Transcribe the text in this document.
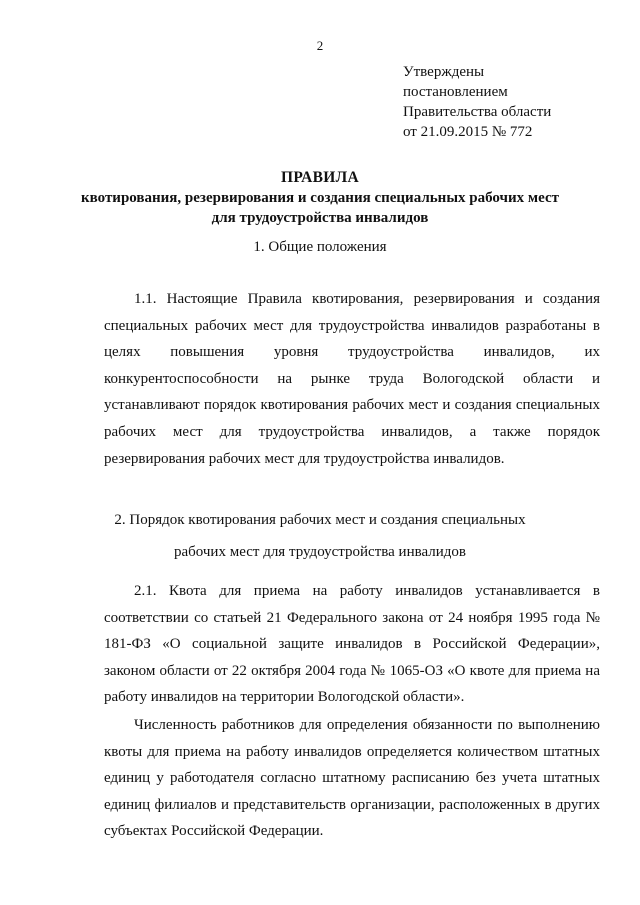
2
Утверждены
постановлением
Правительства области
от 21.09.2015 № 772
ПРАВИЛА
квотирования, резервирования и создания специальных рабочих мест
для трудоустройства инвалидов
1. Общие положения

1.1. Настоящие Правила квотирования, резервирования и создания специальных рабочих мест для трудоустройства инвалидов разработаны в целях повышения уровня трудоустройства инвалидов, их конкурентоспособности на рынке труда Вологодской области и устанавливают порядок квотирования рабочих мест и создания специальных рабочих мест для трудоустройства инвалидов, а также порядок резервирования рабочих мест для трудоустройства инвалидов.

2. Порядок квотирования рабочих мест и создания специальных
рабочих мест для трудоустройства инвалидов

2.1. Квота для приема на работу инвалидов устанавливается в соответствии со статьей 21 Федерального закона от 24 ноября 1995 года № 181-ФЗ «О социальной защите инвалидов в Российской Федерации», законом области от 22 октября 2004 года № 1065-ОЗ «О квоте для приема на работу инвалидов на территории Вологодской области».

Численность работников для определения обязанности по выполнению квоты для приема на работу инвалидов определяется количеством штатных единиц у работодателя согласно штатному расписанию без учета штатных единиц филиалов и представительств организации, расположенных в других субъектах Российской Федерации.
